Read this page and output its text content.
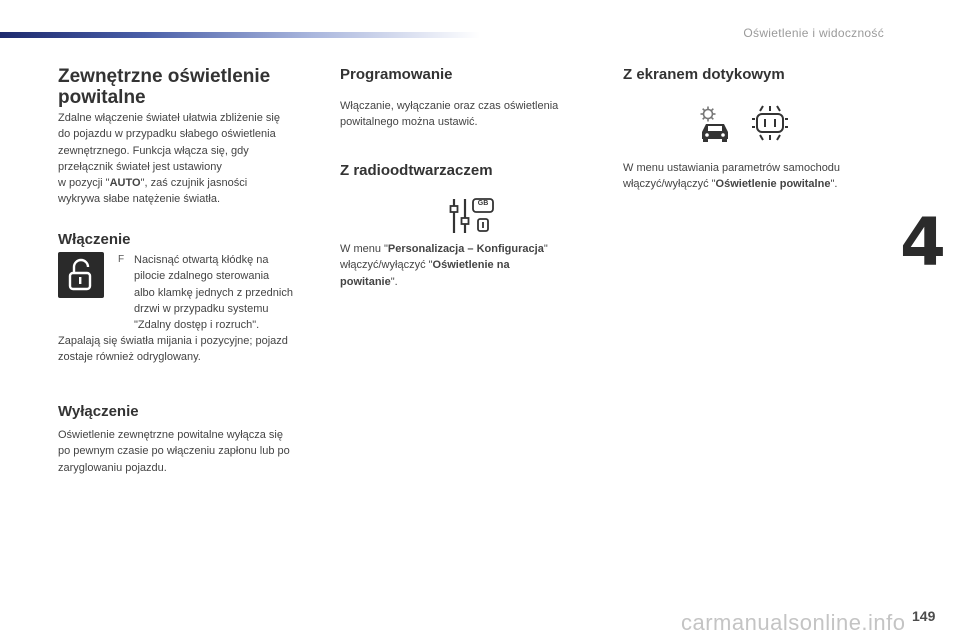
Oświetlenie i widoczność
4
Zewnętrzne oświetlenie
powitalne

Zdalne włączenie świateł ułatwia zbliżenie się
do pojazdu w przypadku słabego oświetlenia
zewnętrznego. Funkcja włącza się, gdy
przełącznik świateł jest ustawiony
w pozycji "AUTO", zaś czujnik jasności
wykrywa słabe natężenie światła.

Włączenie
F Nacisnąć otwartą kłódkę na
pilocie zdalnego sterowania
albo klamkę jednych z przednich
drzwi w przypadku systemu
"Zdalny dostęp i rozruch".

Zapalają się światła mijania i pozycyjne; pojazd
zostaje również odryglowany.

Wyłączenie

Oświetlenie zewnętrzne powitalne wyłącza się
po pewnym czasie po włączeniu zapłonu lub po
zaryglowaniu pojazdu.

Programowanie

Włączanie, wyłączanie oraz czas oświetlenia
powitalnego można ustawić.

Z radioodtwarzaczem
GB

W menu "Personalizacja – Konfiguracja"
włączyć/wyłączyć "Oświetlenie na
powitanie".

Z ekranem dotykowym

W menu ustawiania parametrów samochodu
włączyć/wyłączyć "Oświetlenie powitalne".

carmanualsonline.info 149
